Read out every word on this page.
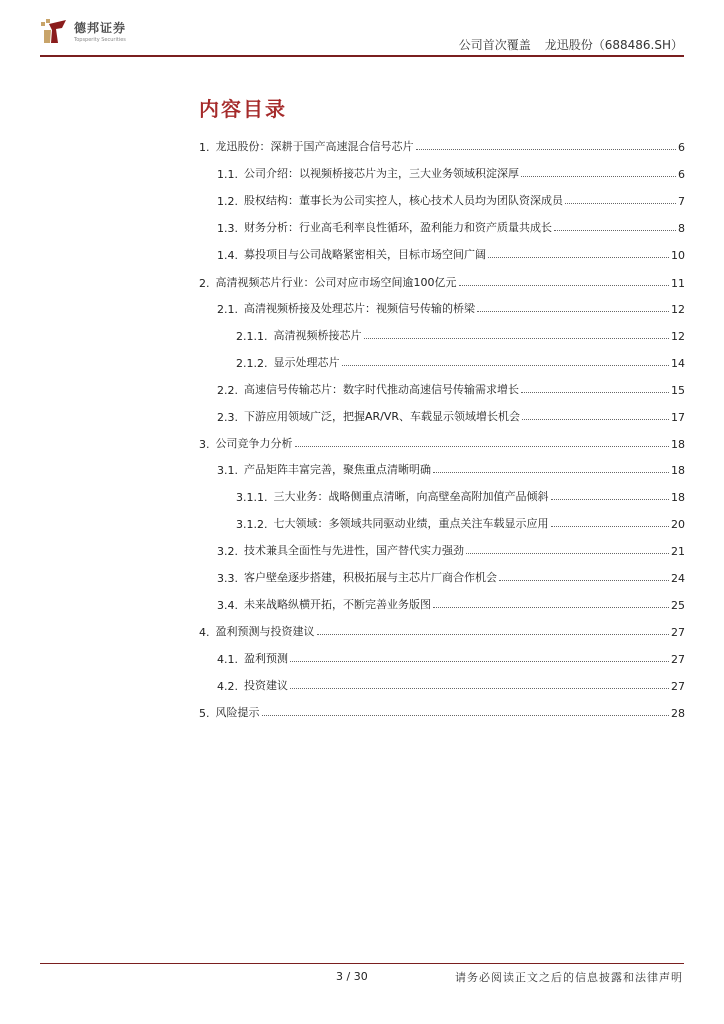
德邦证券
Topsperity Securities	公司首次覆盖 龙迅股份（688486.SH）
内容目录
1. 龙迅股份：深耕于国产高速混合信号芯片	6
1.1. 公司介绍：以视频桥接芯片为主，三大业务领域积淀深厚	6
1.2. 股权结构：董事长为公司实控人，核心技术人员均为团队资深成员	7
1.3. 财务分析：行业高毛利率良性循环，盈利能力和资产质量共成长	8
1.4. 募投项目与公司战略紧密相关，目标市场空间广阔	10
2. 高清视频芯片行业：公司对应市场空间逾100亿元	11
2.1. 高清视频桥接及处理芯片：视频信号传输的桥梁	12
2.1.1. 高清视频桥接芯片	12
2.1.2. 显示处理芯片	14
2.2. 高速信号传输芯片：数字时代推动高速信号传输需求增长	15
2.3. 下游应用领域广泛，把握AR/VR、车载显示领域增长机会	17
3. 公司竞争力分析	18
3.1. 产品矩阵丰富完善，聚焦重点清晰明确	18
3.1.1. 三大业务：战略侧重点清晰，向高壁垒高附加值产品倾斜	18
3.1.2. 七大领域：多领域共同驱动业绩，重点关注车载显示应用	20
3.2. 技术兼具全面性与先进性，国产替代实力强劲	21
3.3. 客户壁垒逐步搭建，积极拓展与主芯片厂商合作机会	24
3.4. 未来战略纵横开拓，不断完善业务版图	25
4. 盈利预测与投资建议	27
4.1. 盈利预测	27
4.2. 投资建议	27
5. 风险提示	28
3 / 30	请务必阅读正文之后的信息披露和法律声明
